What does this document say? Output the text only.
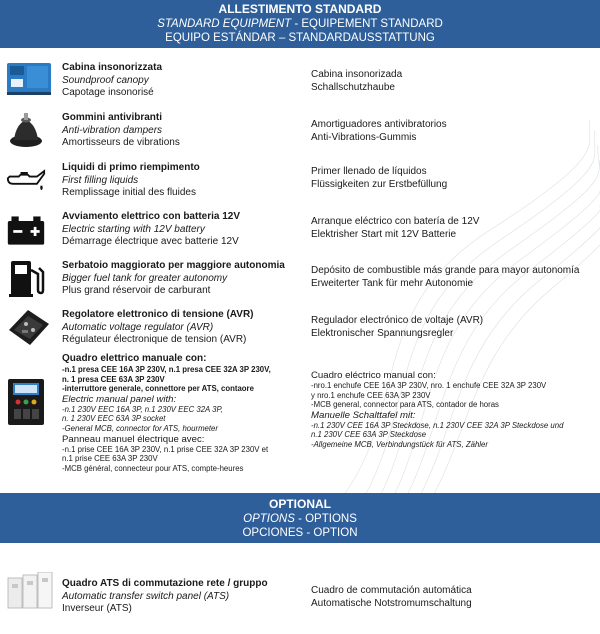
ALLESTIMENTO STANDARD
STANDARD EQUIPMENT - EQUIPEMENT STANDARD
EQUIPO ESTÁNDAR – STANDARDAUSSTATTUNG
Cabina insonorizzata
Soundproof canopy
Capotage insonorisé
Cabina insonorizada
Schallschutzhaube
Gommini antivibranti
Anti-vibration dampers
Amortisseurs de vibrations
Amortiguadores antivibratorios
Anti-Vibrations-Gummis
Liquidi di primo riempimento
First filling liquids
Remplissage initial des fluides
Primer llenado de líquidos
Flüssigkeiten zur Erstbefüllung
Avviamento elettrico con batteria 12V
Electric starting with 12V battery
Démarrage électrique avec batterie 12V
Arranque eléctrico con batería de 12V
Elektrisher Start mit 12V Batterie
Serbatoio maggiorato per maggiore autonomia
Bigger fuel tank for greater autonomy
Plus grand réservoir de carburant
Depósito de combustible más grande para mayor autonomía
Erweiterter Tank für mehr Autonomie
Regolatore elettronico di tensione (AVR)
Automatic voltage regulator (AVR)
Régulateur électronique de tension (AVR)
Regulador electrónico de voltaje (AVR)
Elektronischer Spannungsregler
Quadro elettrico manuale con:
-n.1 presa CEE 16A 3P 230V, n.1 presa CEE 32A 3P 230V,
n. 1 presa CEE 63A 3P 230V
-interruttore generale, connettore per ATS, contaore
Electric manual panel with:
-n.1 230V EEC 16A 3P, n.1 230V EEC 32A 3P,
n. 1 230V EEC 63A 3P socket
-General MCB, connector for ATS, hourmeter
Panneau manuel électrique avec:
-n.1 prise CEE 16A 3P 230V, n.1 prise CEE 32A 3P 230V et
n.1 prise CEE 63A 3P 230V
-MCB général, connecteur pour ATS, compte-heures
Cuadro eléctrico manual con:
-nro.1 enchufe CEE 16A 3P 230V, nro. 1 enchufe CEE 32A 3P 230V
y nro.1 enchufe CEE 63A 3P 230V
-MCB general, connector para ATS, contador de horas
Manuelle Schalttafel mit:
-n.1 230V CEE 16A 3P Steckdose, n.1 230V CEE 32A 3P Steckdose und
n.1 230V CEE 63A 3P Steckdose
-Allgemeine MCB, Verbindungstück für ATS, Zähler
OPTIONAL
OPTIONS - OPTIONS
OPCIONES - OPTION
Quadro ATS di commutazione rete / gruppo
Automatic transfer switch panel (ATS)
Inverseur (ATS)
Cuadro de commutación automática
Automatische Notstromumschaltung
